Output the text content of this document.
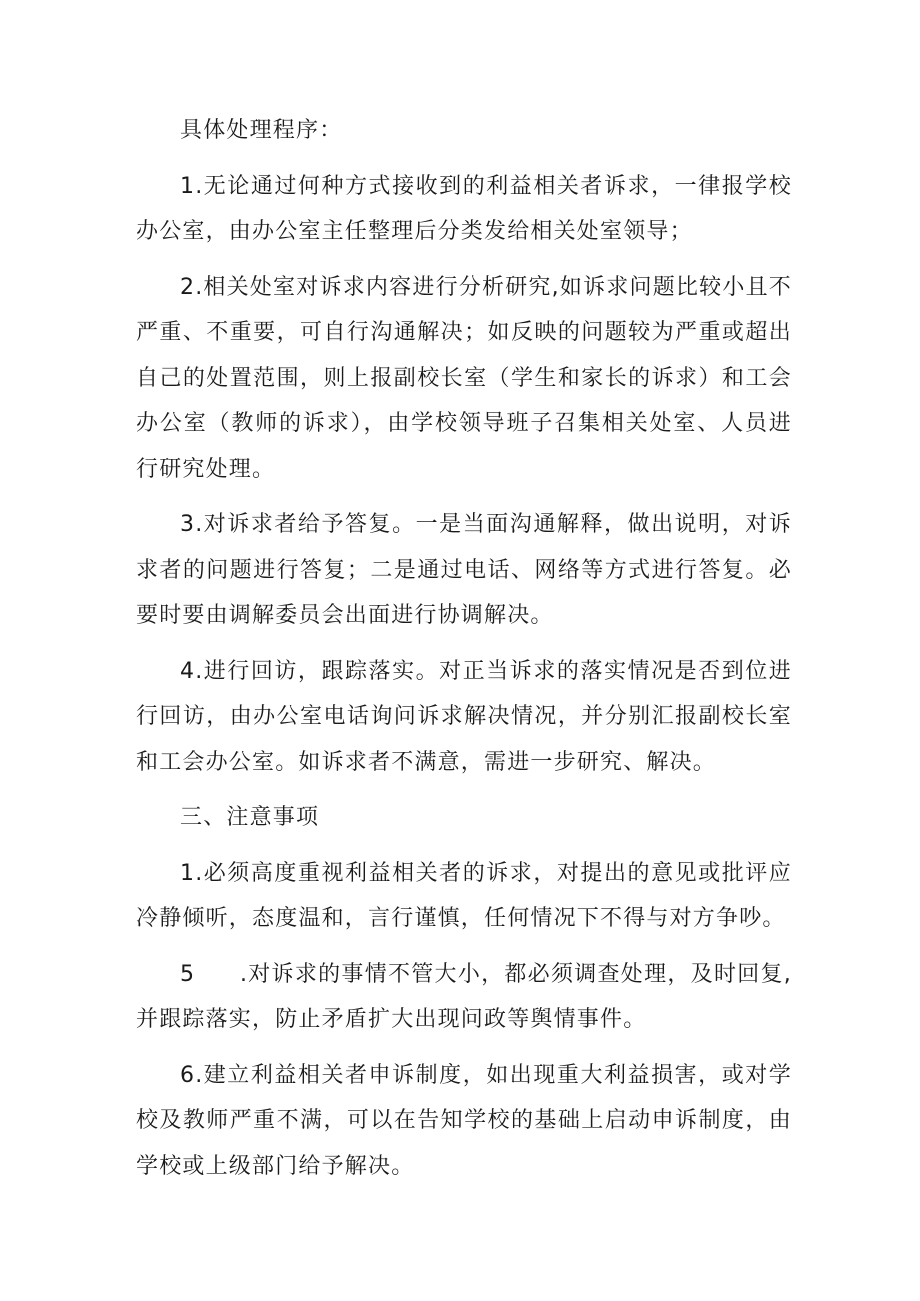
具体处理程序：

1.无论通过何种方式接收到的利益相关者诉求，一律报学校办公室，由办公室主任整理后分类发给相关处室领导；

2.相关处室对诉求内容进行分析研究,如诉求问题比较小且不严重、不重要，可自行沟通解决；如反映的问题较为严重或超出自己的处置范围，则上报副校长室（学生和家长的诉求）和工会办公室（教师的诉求），由学校领导班子召集相关处室、人员进行研究处理。

3.对诉求者给予答复。一是当面沟通解释，做出说明，对诉求者的问题进行答复；二是通过电话、网络等方式进行答复。必要时要由调解委员会出面进行协调解决。

4.进行回访，跟踪落实。对正当诉求的落实情况是否到位进行回访，由办公室电话询问诉求解决情况，并分别汇报副校长室和工会办公室。如诉求者不满意，需进一步研究、解决。

三、注意事项

1.必须高度重视利益相关者的诉求，对提出的意见或批评应冷静倾听，态度温和，言行谨慎，任何情况下不得与对方争吵。

5 .对诉求的事情不管大小，都必须调查处理，及时回复,并跟踪落实，防止矛盾扩大出现问政等舆情事件。

6.建立利益相关者申诉制度，如出现重大利益损害，或对学校及教师严重不满，可以在告知学校的基础上启动申诉制度，由学校或上级部门给予解决。
